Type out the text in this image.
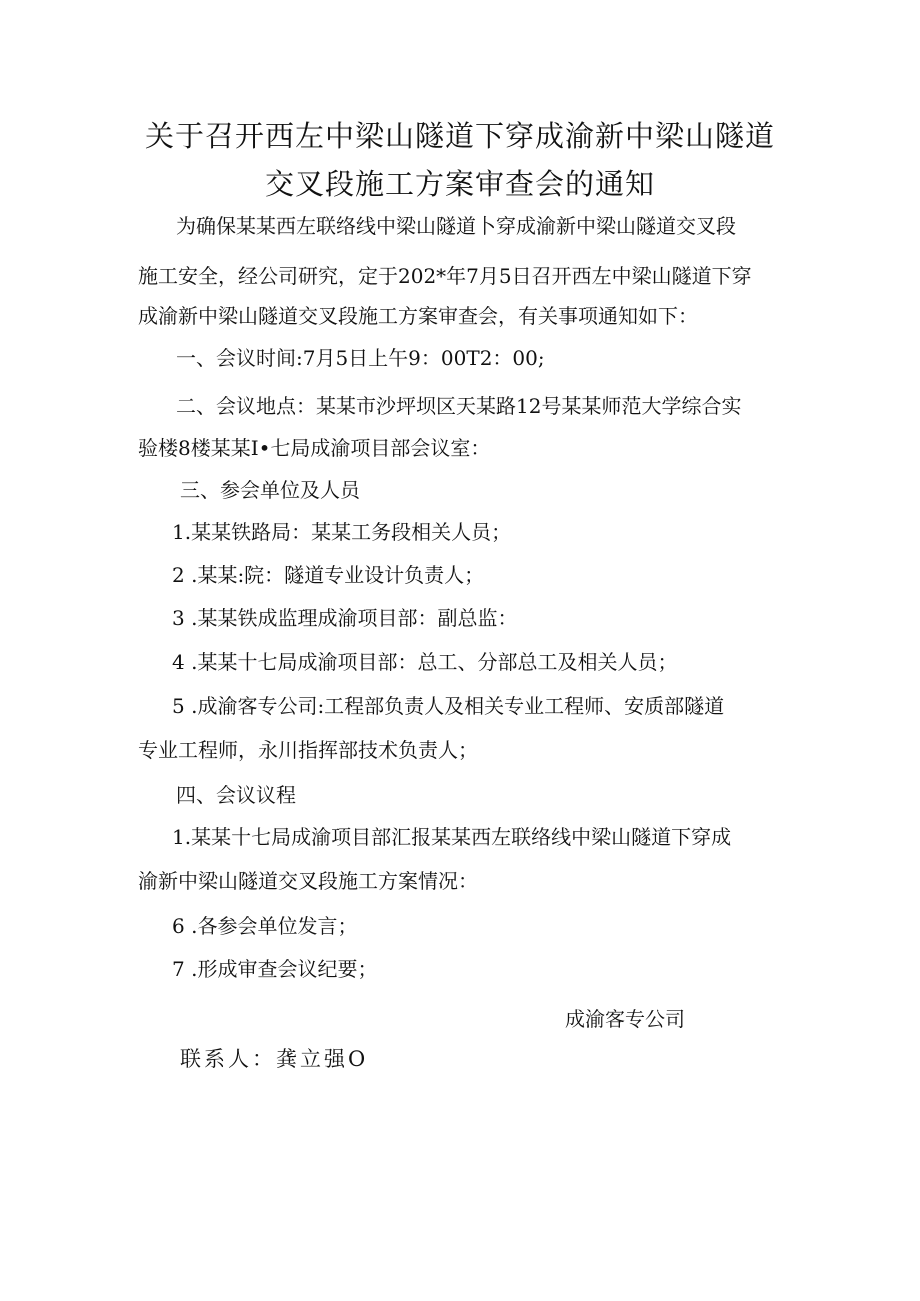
关于召开西左中梁山隧道下穿成渝新中梁山隧道
交叉段施工方案审查会的通知
为确保某某西左联络线中梁山隧道卜穿成渝新中梁山隧道交叉段
施工安全，经公司研究，定于202*年7月5日召开西左中梁山隧道下穿
成渝新中梁山隧道交叉段施工方案审查会，有关事项通知如下：
一、会议时间:7月5日上午9：00T2：00;
二、会议地点：某某市沙坪坝区天某路12号某某师范大学综合实
验楼8楼某某I•七局成渝项目部会议室：
三、参会单位及人员
1.某某铁路局：某某工务段相关人员；
2 .某某:院：隧道专业设计负责人；
3 .某某铁成监理成渝项目部：副总监：
4 .某某十七局成渝项目部：总工、分部总工及相关人员；
5 .成渝客专公司:工程部负责人及相关专业工程师、安质部隧道
专业工程师，永川指挥部技术负责人；
四、会议议程
1.某某十七局成渝项目部汇报某某西左联络线中梁山隧道下穿成
渝新中梁山隧道交叉段施工方案情况：
6 .各参会单位发言；
7 .形成审查会议纪要；
成渝客专公司
联系人：龚立强O
